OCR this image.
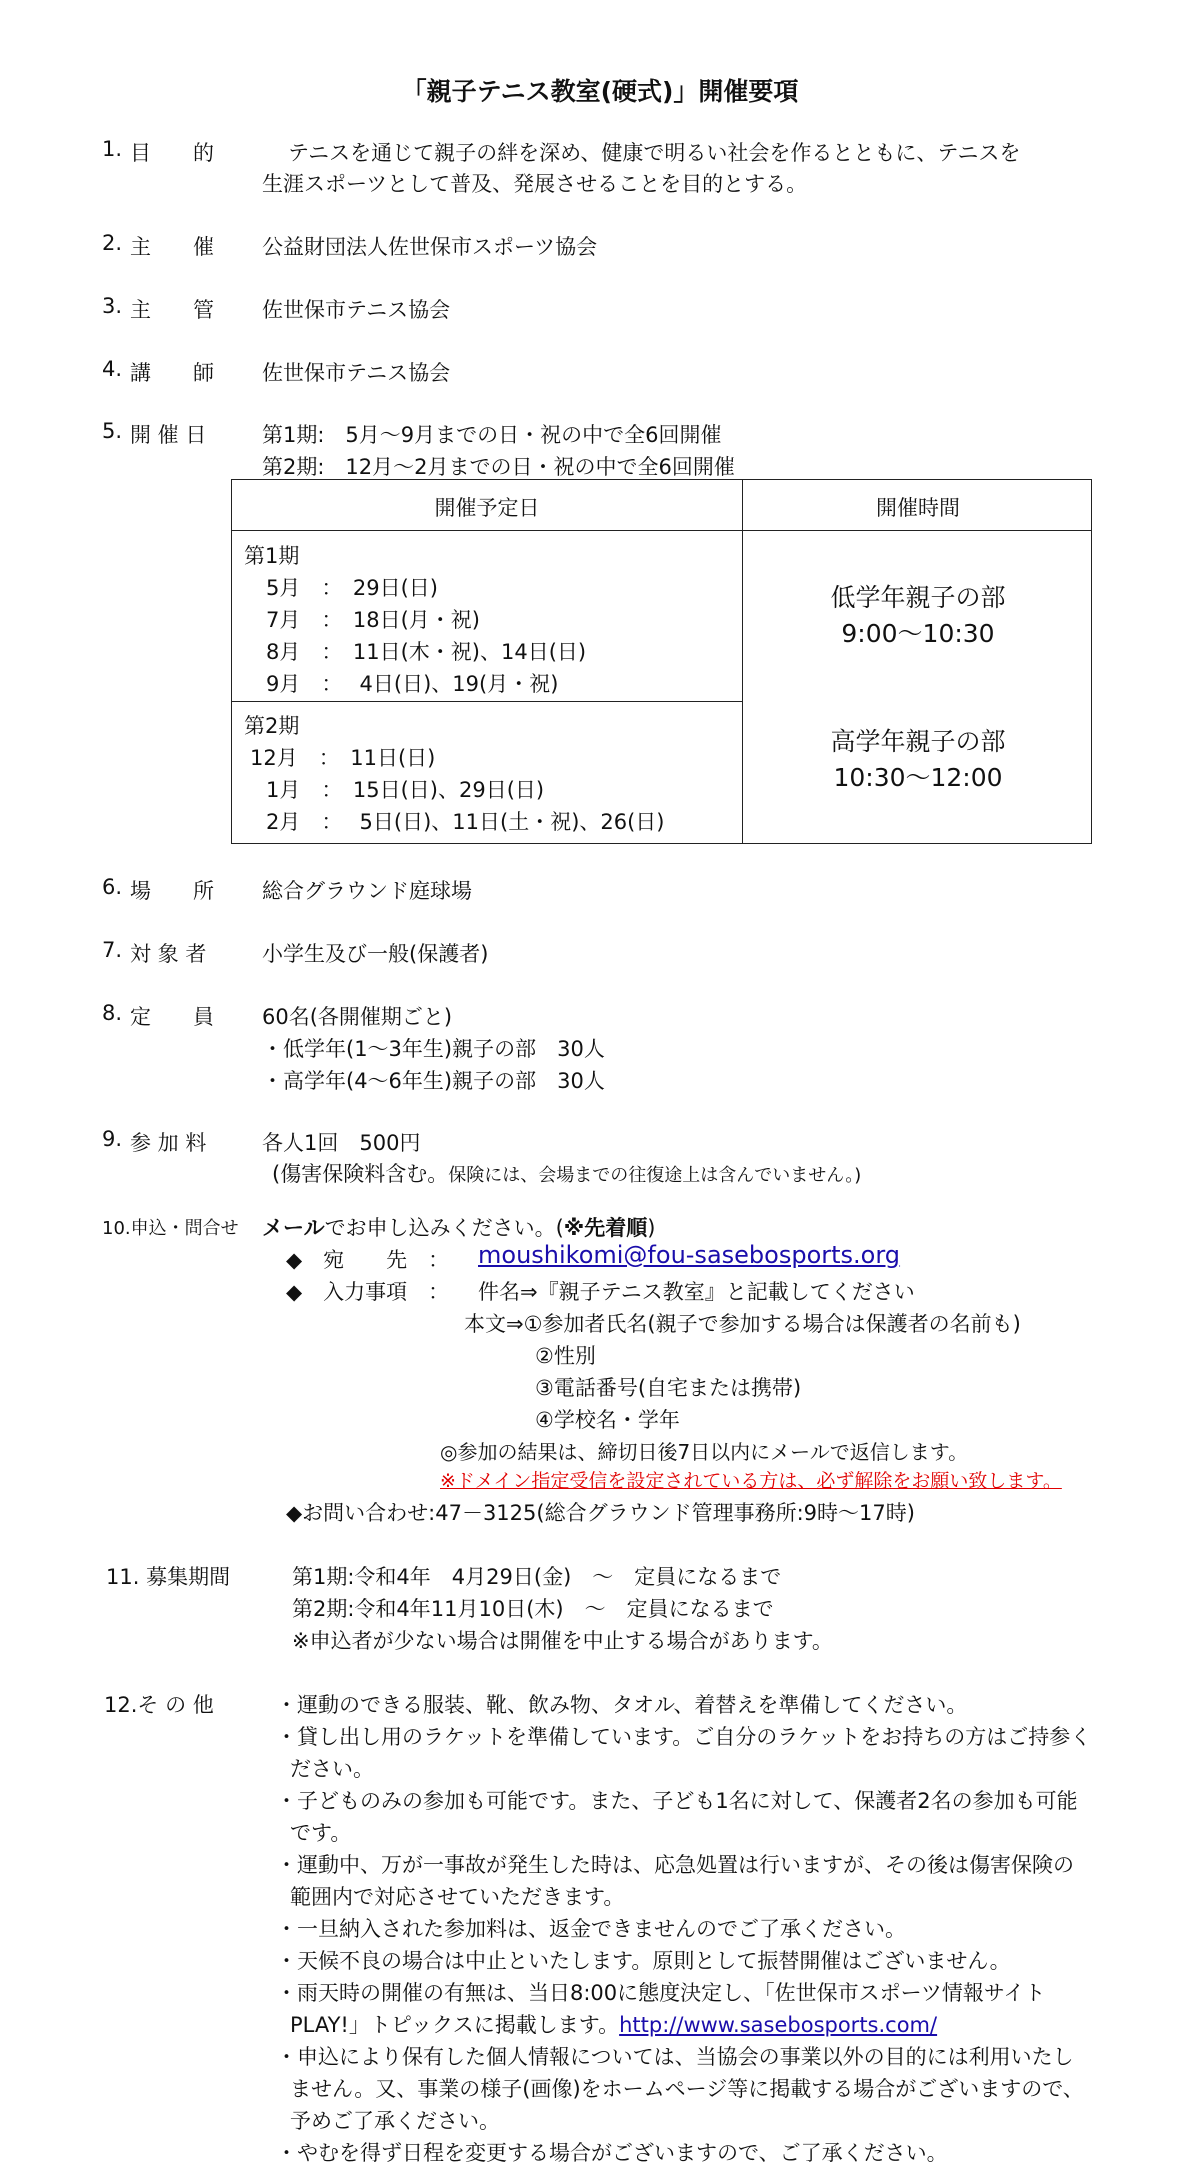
「親子テニス教室(硬式)」開催要項
1. 目　　的	テニスを通じて親子の絆を深め、健康で明るい社会を作るとともに、テニスを
生涯スポーツとして普及、発展させることを目的とする。
2. 主　　催 公益財団法人佐世保市スポーツ協会
3. 主　　管 佐世保市テニス協会
4. 講　　師 佐世保市テニス協会
5. 開 催 日	第1期:　5月～9月までの日・祝の中で全6回開催
第2期:　12月～2月までの日・祝の中で全6回開催
開催予定日	開催時間
第1期
5月　：　29日(日)
7月　：　18日(月・祝)
8月　：　11日(木・祝)、14日(日)
9月　：　 4日(日)、19(月・祝)
第2期
12月　：　11日(日)
1月　：　15日(日)、29日(日)
2月　：　 5日(日)、11日(土・祝)、26(日)
低学年親子の部
9:00～10:30
高学年親子の部
10:30～12:00
6. 場　　所 総合グラウンド庭球場
7. 対 象 者	小学生及び一般(保護者)
8. 定　　員 60名(各開催期ごと)
・低学年(1～3年生)親子の部　30人
・高学年(4～6年生)親子の部　30人
9. 参 加 料	各人1回　500円
(傷害保険料含む。保険には、会場までの往復途上は含んでいません。)
10.申込・問合せ メールでお申し込みください。(※先着順)
◆　宛　　先　： moushikomi@fou-sasebosports.org
◆　入力事項　： 件名⇒『親子テニス教室』と記載してください
本文⇒①参加者氏名(親子で参加する場合は保護者の名前も)
②性別
③電話番号(自宅または携帯)
④学校名・学年
◎参加の結果は、締切日後7日以内にメールで返信します。
※ドメイン指定受信を設定されている方は、必ず解除をお願い致します。
◆お問い合わせ:47－3125(総合グラウンド管理事務所:9時～17時)
11. 募集期間	第1期:令和4年　4月29日(金)　～　定員になるまで
第2期:令和4年11月10日(木)　～　定員になるまで
※申込者が少ない場合は開催を中止する場合があります。
12.そ の 他	・運動のできる服装、靴、飲み物、タオル、着替えを準備してください。
・貸し出し用のラケットを準備しています。ご自分のラケットをお持ちの方はご持参く
ださい。
・子どものみの参加も可能です。また、子ども1名に対して、保護者2名の参加も可能
です。
・運動中、万が一事故が発生した時は、応急処置は行いますが、その後は傷害保険の
範囲内で対応させていただきます。
・一旦納入された参加料は、返金できませんのでご了承ください。
・天候不良の場合は中止といたします。原則として振替開催はございません。
・雨天時の開催の有無は、当日8:00に態度決定し、「佐世保市スポーツ情報サイト
PLAY!」トピックスに掲載します。http://www.sasebosports.com/
・申込により保有した個人情報については、当協会の事業以外の目的には利用いたし
ません。又、事業の様子(画像)をホームページ等に掲載する場合がございますので、
予めご了承ください。
・やむを得ず日程を変更する場合がございますので、ご了承ください。
